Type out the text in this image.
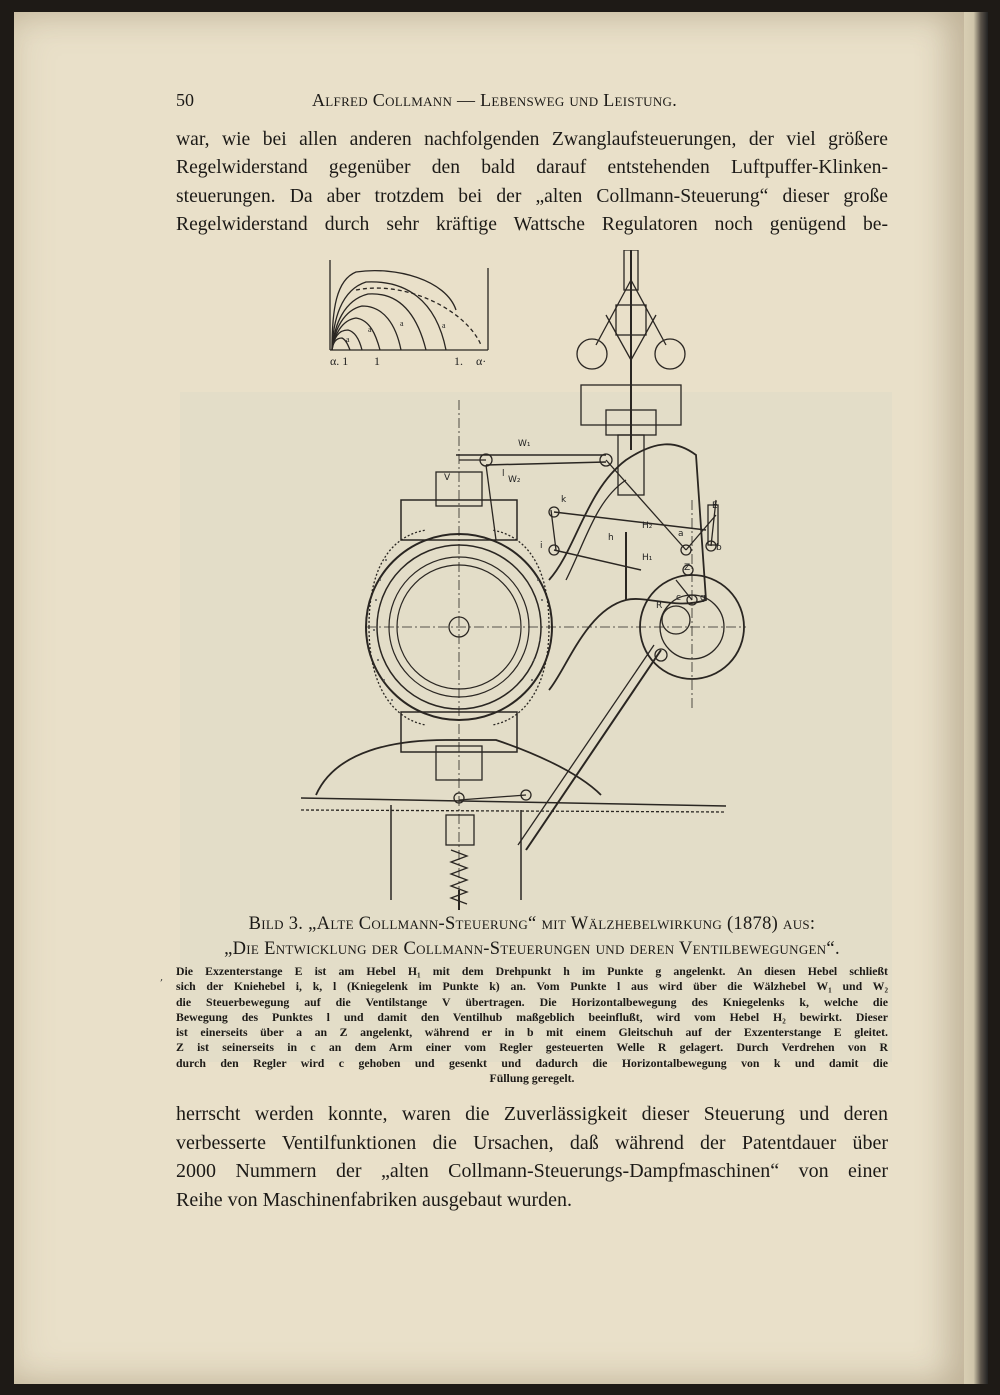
50	Alfred Collmann — Lebensweg und Leistung.
war, wie bei allen anderen nachfolgenden Zwanglaufsteuerungen, der viel größere
Regelwiderstand gegenüber den bald darauf entstehenden Luftpuffer-Klinken-
steuerungen. Da aber trotzdem bei der „alten Collmann-Steuerung“ dieser große
Regelwiderstand durch sehr kräftige Wattsche Regulatoren noch genügend be-
α. 1 1	1. α·
a
a
a	a
W₁
W₂
V	l
k
i
h
H₂
H₁
E
a
b
Z
R
c g
Bild 3. „Alte Collmann-Steuerung“ mit Wälzhebelwirkung (1878) aus:
„Die Entwicklung der Collmann-Steuerungen und deren Ventilbewegungen“.
, Die Exzenterstange E ist am Hebel H₁ mit dem Drehpunkt h im Punkte g angelenkt. An diesen Hebel schließt
sich der Kniehebel i, k, l (Kniegelenk im Punkte k) an. Vom Punkte l aus wird über die Wälzhebel W₁ und W₂
die Steuerbewegung auf die Ventilstange V übertragen. Die Horizontalbewegung des Kniegelenks k, welche die
Bewegung des Punktes l und damit den Ventilhub maßgeblich beeinflußt, wird vom Hebel H₂ bewirkt. Dieser
ist einerseits über a an Z angelenkt, während er in b mit einem Gleitschuh auf der Exzenterstange E gleitet.
Z ist seinerseits in c an dem Arm einer vom Regler gesteuerten Welle R gelagert. Durch Verdrehen von R
durch den Regler wird c gehoben und gesenkt und dadurch die Horizontalbewegung von k und damit die
Füllung geregelt.
herrscht werden konnte, waren die Zuverlässigkeit dieser Steuerung und deren
verbesserte Ventilfunktionen die Ursachen, daß während der Patentdauer über
2000 Nummern der „alten Collmann-Steuerungs-Dampfmaschinen“ von einer
Reihe von Maschinenfabriken ausgebaut wurden.
